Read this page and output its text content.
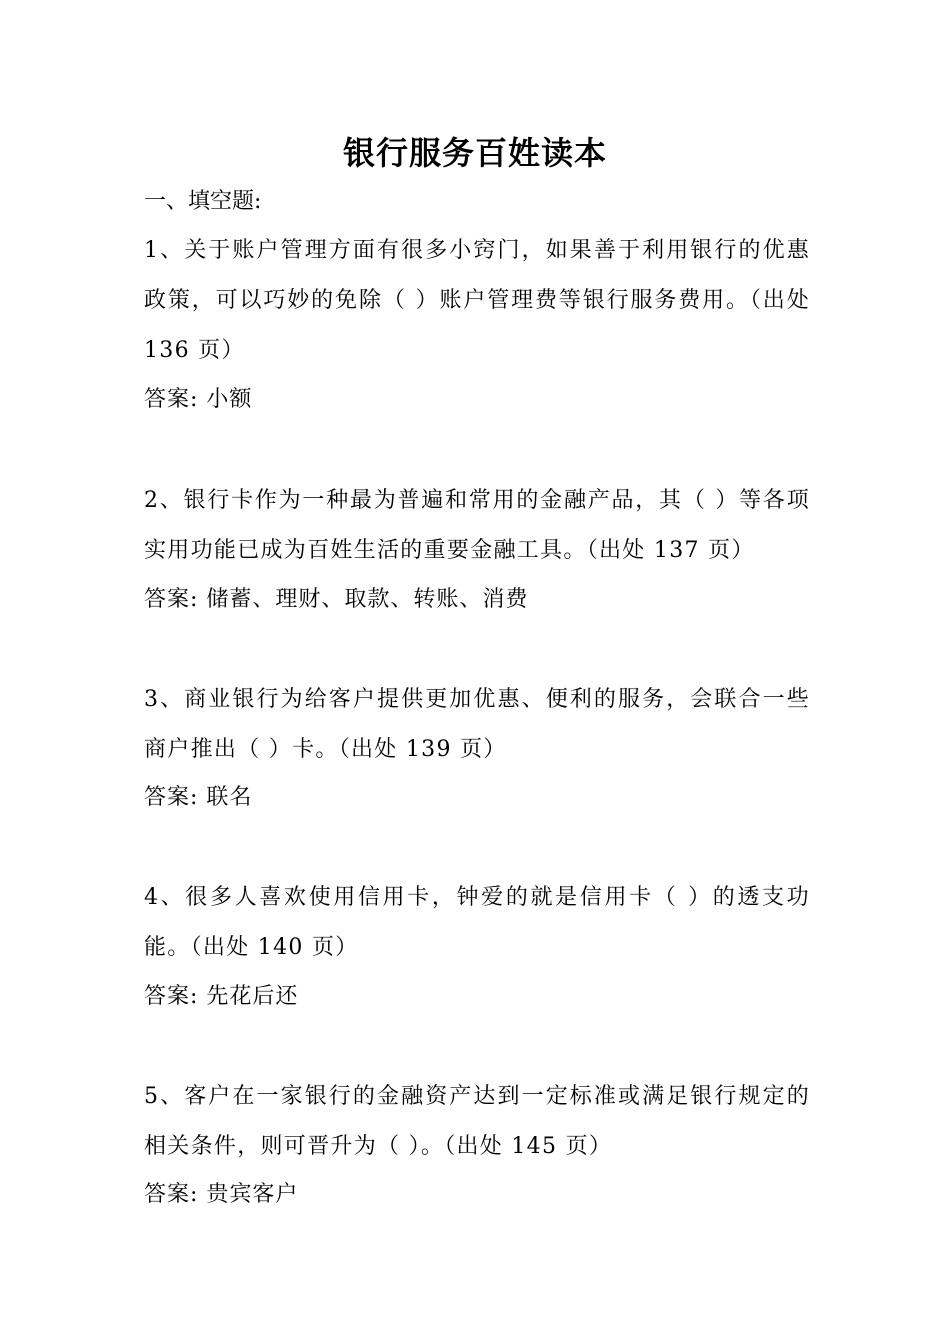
银行服务百姓读本
一、填空题:
1、关于账户管理方面有很多小窍门，如果善于利用银行的优惠政策，可以巧妙的免除（ ）账户管理费等银行服务费用。（出处 136 页）
答案: 小额
2、银行卡作为一种最为普遍和常用的金融产品，其（ ）等各项实用功能已成为百姓生活的重要金融工具。（出处 137 页）
答案: 储蓄、理财、取款、转账、消费
3、商业银行为给客户提供更加优惠、便利的服务，会联合一些商户推出（ ）卡。（出处 139 页）
答案: 联名
4、很多人喜欢使用信用卡，钟爱的就是信用卡（ ）的透支功能。（出处 140 页）
答案: 先花后还
5、客户在一家银行的金融资产达到一定标准或满足银行规定的相关条件，则可晋升为（ ）。（出处 145 页）
答案: 贵宾客户
